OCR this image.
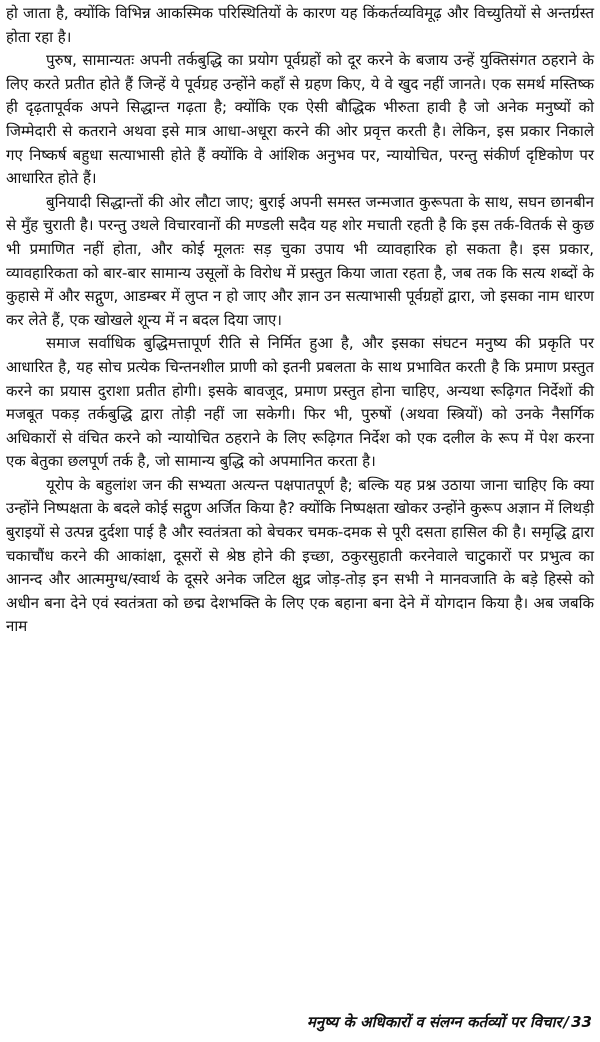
हो जाता है, क्योंकि विभिन्न आकस्मिक परिस्थितियों के कारण यह किंकर्तव्यविमूढ़ और विच्युतियों से अन्तर्ग्रस्त होता रहा है।

पुरुष, सामान्यतः अपनी तर्कबुद्धि का प्रयोग पूर्वग्रहों को दूर करने के बजाय उन्हें युक्तिसंगत ठहराने के लिए करते प्रतीत होते हैं जिन्हें ये पूर्वग्रह उन्होंने कहाँ से ग्रहण किए, ये वे खुद नहीं जानते। एक समर्थ मस्तिष्क ही दृढ़तापूर्वक अपने सिद्धान्त गढ़ता है; क्योंकि एक ऐसी बौद्धिक भीरुता हावी है जो अनेक मनुष्यों को जिम्मेदारी से कतराने अथवा इसे मात्र आधा-अधूरा करने की ओर प्रवृत्त करती है। लेकिन, इस प्रकार निकाले गए निष्कर्ष बहुधा सत्याभासी होते हैं क्योंकि वे आंशिक अनुभव पर, न्यायोचित, परन्तु संकीर्ण दृष्टिकोण पर आधारित होते हैं।

बुनियादी सिद्धान्तों की ओर लौटा जाए; बुराई अपनी समस्त जन्मजात कुरूपता के साथ, सघन छानबीन से मुँह चुराती है। परन्तु उथले विचारवानों की मण्डली सदैव यह शोर मचाती रहती है कि इस तर्क-वितर्क से कुछ भी प्रमाणित नहीं होता, और कोई मूलतः सड़ चुका उपाय भी व्यावहारिक हो सकता है। इस प्रकार, व्यावहारिकता को बार-बार सामान्य उसूलों के विरोध में प्रस्तुत किया जाता रहता है, जब तक कि सत्य शब्दों के कुहासे में और सद्गुण, आडम्बर में लुप्त न हो जाए और ज्ञान उन सत्याभासी पूर्वग्रहों द्वारा, जो इसका नाम धारण कर लेते हैं, एक खोखले शून्य में न बदल दिया जाए।

समाज सर्वाधिक बुद्धिमत्तापूर्ण रीति से निर्मित हुआ है, और इसका संघटन मनुष्य की प्रकृति पर आधारित है, यह सोच प्रत्येक चिन्तनशील प्राणी को इतनी प्रबलता के साथ प्रभावित करती है कि प्रमाण प्रस्तुत करने का प्रयास दुराशा प्रतीत होगी। इसके बावजूद, प्रमाण प्रस्तुत होना चाहिए, अन्यथा रूढ़िगत निर्देशों की मजबूत पकड़ तर्कबुद्धि द्वारा तोड़ी नहीं जा सकेगी। फिर भी, पुरुषों (अथवा स्त्रियों) को उनके नैसर्गिक अधिकारों से वंचित करने को न्यायोचित ठहराने के लिए रूढ़िगत निर्देश को एक दलील के रूप में पेश करना एक बेतुका छलपूर्ण तर्क है, जो सामान्य बुद्धि को अपमानित करता है।

यूरोप के बहुलांश जन की सभ्यता अत्यन्त पक्षपातपूर्ण है; बल्कि यह प्रश्न उठाया जाना चाहिए कि क्या उन्होंने निष्पक्षता के बदले कोई सद्गुण अर्जित किया है? क्योंकि निष्पक्षता खोकर उन्होंने कुरूप अज्ञान में लिथड़ी बुराइयों से उत्पन्न दुर्दशा पाई है और स्वतंत्रता को बेचकर चमक-दमक से पूरी दसता हासिल की है। समृद्धि द्वारा चकाचौंध करने की आकांक्षा, दूसरों से श्रेष्ठ होने की इच्छा, ठकुरसुहाती करनेवाले चाटुकारों पर प्रभुत्व का आनन्द और आत्ममुग्ध/स्वार्थ के दूसरे अनेक जटिल क्षुद्र जोड़-तोड़ इन सभी ने मानवजाति के बड़े हिस्से को अधीन बना देने एवं स्वतंत्रता को छद्म देशभक्ति के लिए एक बहाना बना देने में योगदान किया है। अब जबकि नाम

मनुष्य के अधिकारों व संलग्न कर्तव्यों पर विचार / 33
